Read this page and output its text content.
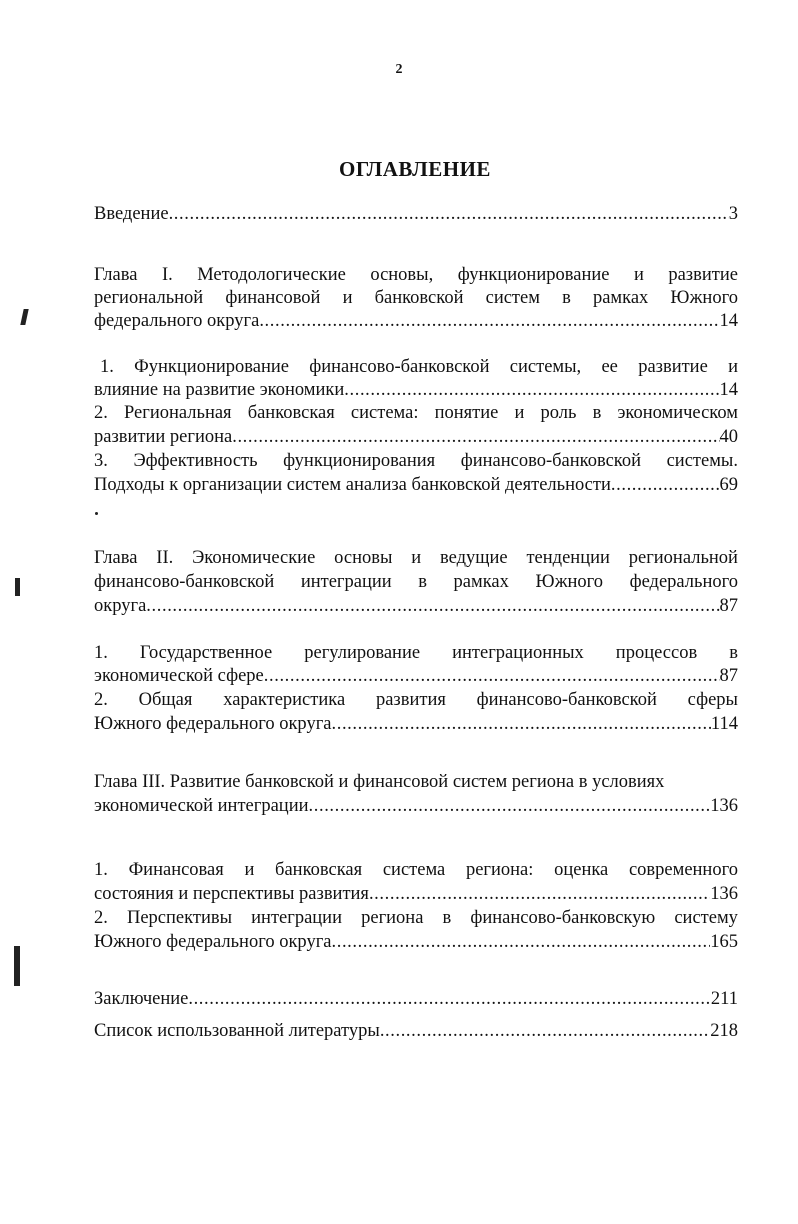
2
ОГЛАВЛЕНИЕ
Введение .....	3
Глава I. Методологические основы, функционирование и развитие
региональной финансовой и банковской систем в рамках Южного
федерального округа .....	14
1. Функционирование финансово-банковской системы, ее развитие и
влияние на развитие экономики .....	14
2. Региональная банковская система: понятие и роль в экономическом
развитии региона .....	40
3. Эффективность функционирования финансово-банковской системы.
Подходы к организации систем анализа банковской деятельности .....	69
Глава II. Экономические основы и ведущие тенденции региональной
финансово-банковской интеграции в рамках Южного федерального
округа .....	87
1. Государственное регулирование интеграционных процессов в
экономической сфере .....	87
2. Общая характеристика развития финансово-банковской сферы
Южного федерального округа .....	114
Глава III. Развитие банковской и финансовой систем региона в условиях
экономической интеграции .....	136
1. Финансовая и банковская система региона: оценка современного
состояния и перспективы развития .....	136
2. Перспективы интеграции региона в финансово-банковскую систему
Южного федерального округа .....	165
Заключение .....	211
Список использованной литературы .....	218
